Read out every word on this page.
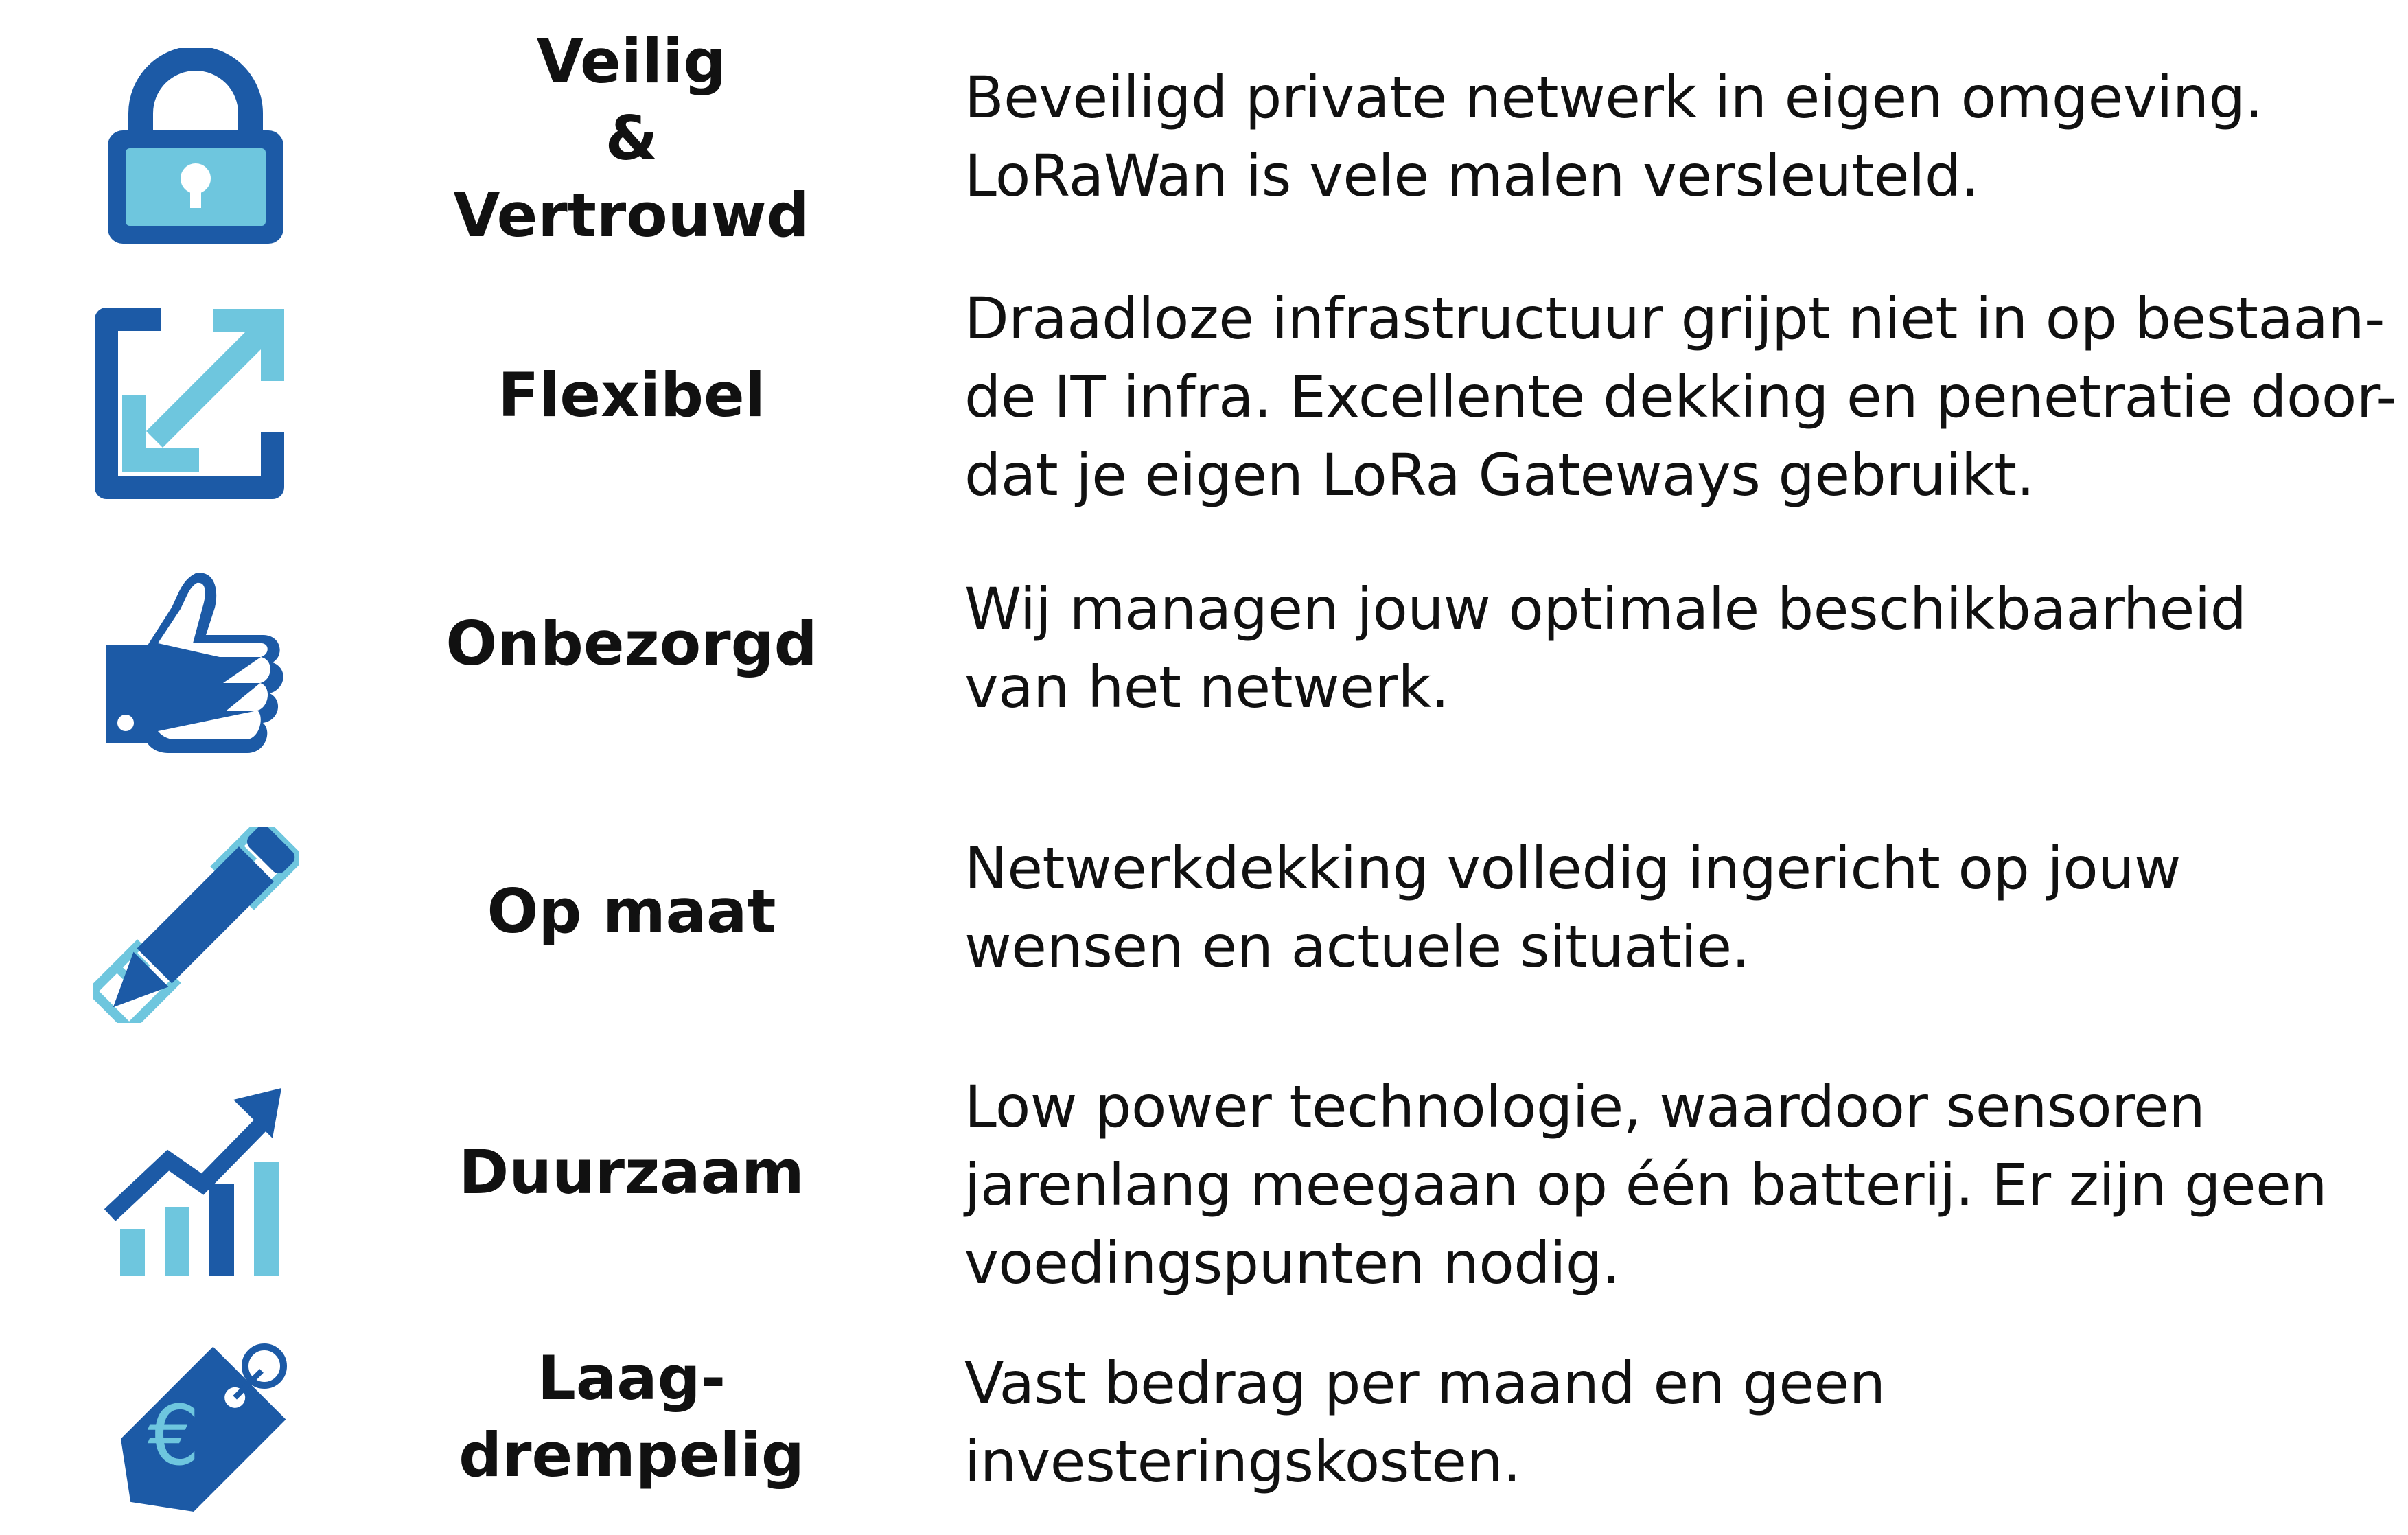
Veilig
&
Vertrouwd
Beveiligd private netwerk in eigen omgeving.
LoRaWan is vele malen versleuteld.
Flexibel
Draadloze infrastructuur grijpt niet in op bestaan-
de IT infra. Excellente dekking en penetratie door-
dat je eigen LoRa Gateways gebruikt.
Onbezorgd	Wij managen jouw optimale beschikbaarheid
van het netwerk.
Op maat
Netwerkdekking volledig ingericht op jouw
wensen en actuele situatie.
Duurzaam
Low power technologie, waardoor sensoren
jarenlang meegaan op één batterij. Er zijn geen
voedingspunten nodig.
€
Laag-
drempelig
Vast bedrag per maand en geen
investeringskosten.
